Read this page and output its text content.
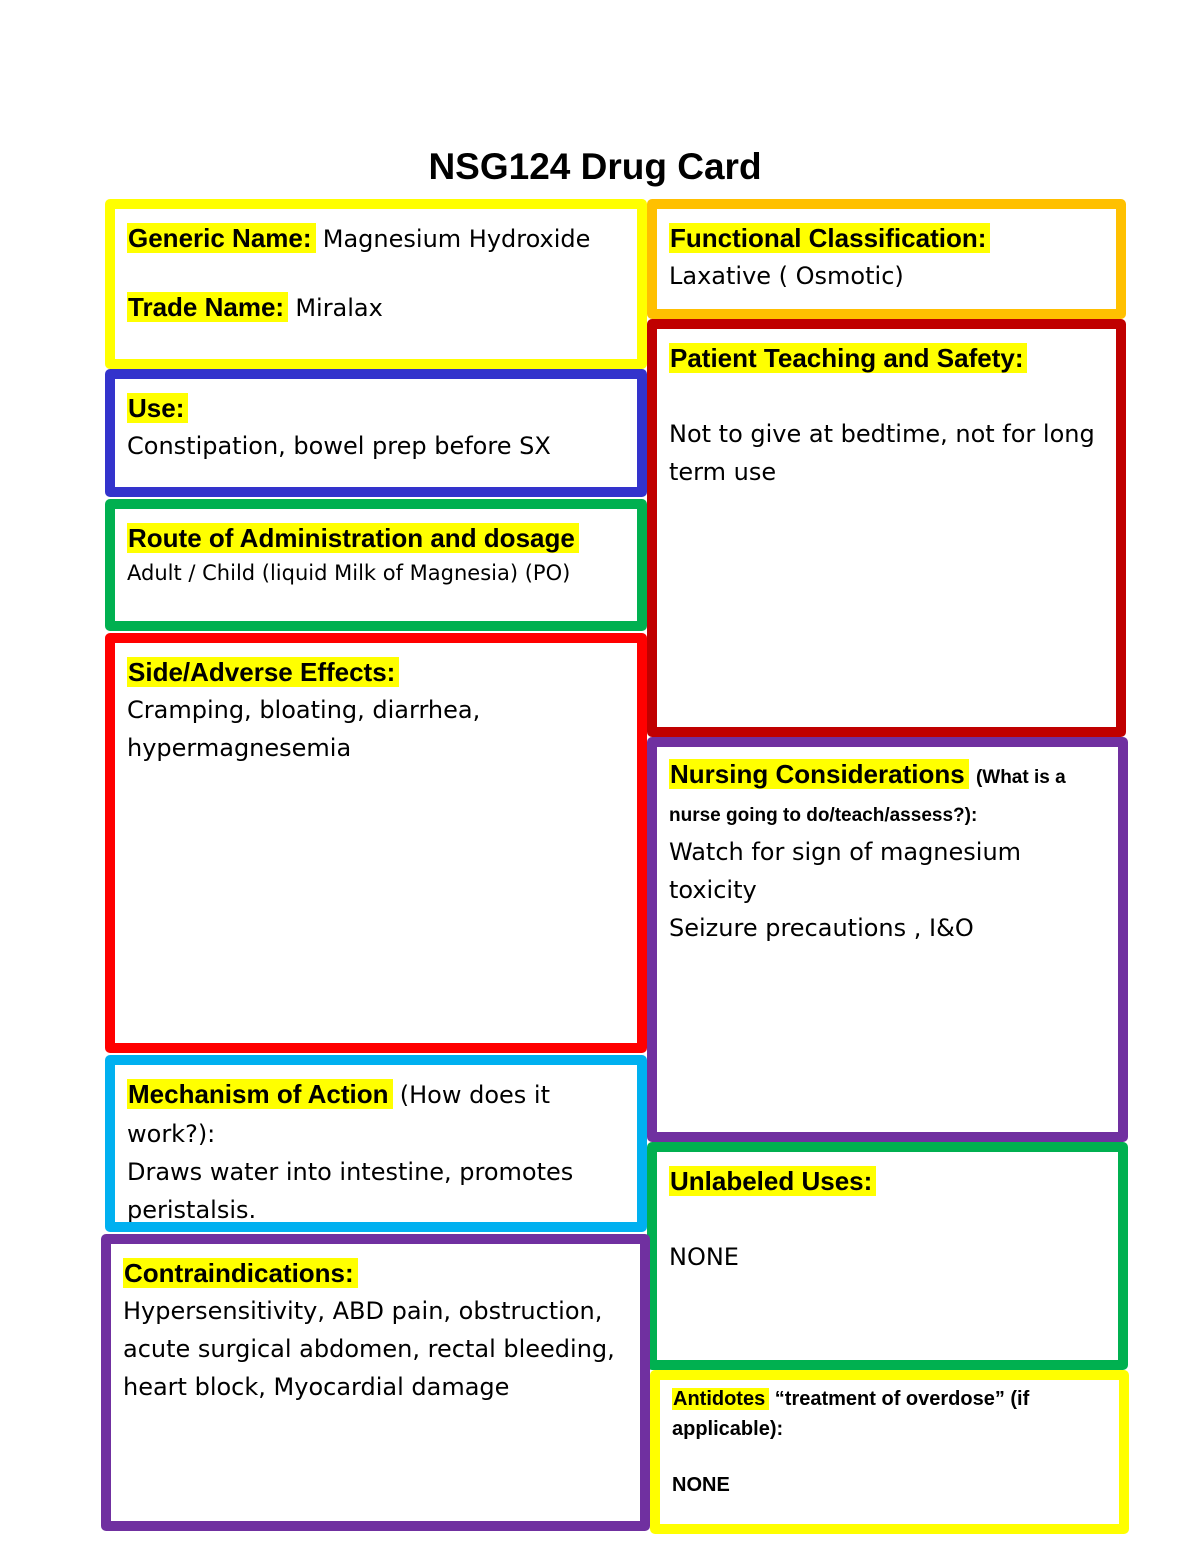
NSG124 Drug Card

Generic Name: Magnesium Hydroxide

Trade Name: Miralax

Functional Classification:

Laxative ( Osmotic)

Use:

Constipation, bowel prep before SX

Patient Teaching and Safety:

Not to give at bedtime, not for long term use

Route of Administration and dosage

Adult / Child (liquid Milk of Magnesia) (PO)

Side/Adverse Effects:

Cramping, bloating, diarrhea, hypermagnesemia

Nursing Considerations (What is a nurse going to do/teach/assess?):

Watch for sign of magnesium toxicity

Seizure precautions , I&O

Mechanism of Action (How does it work?):

Draws water into intestine, promotes peristalsis.

Unlabeled Uses:

NONE

Contraindications:

Hypersensitivity, ABD pain, obstruction, acute surgical abdomen, rectal bleeding, heart block, Myocardial damage	Antidotes “treatment of overdose” (if applicable):

NONE
